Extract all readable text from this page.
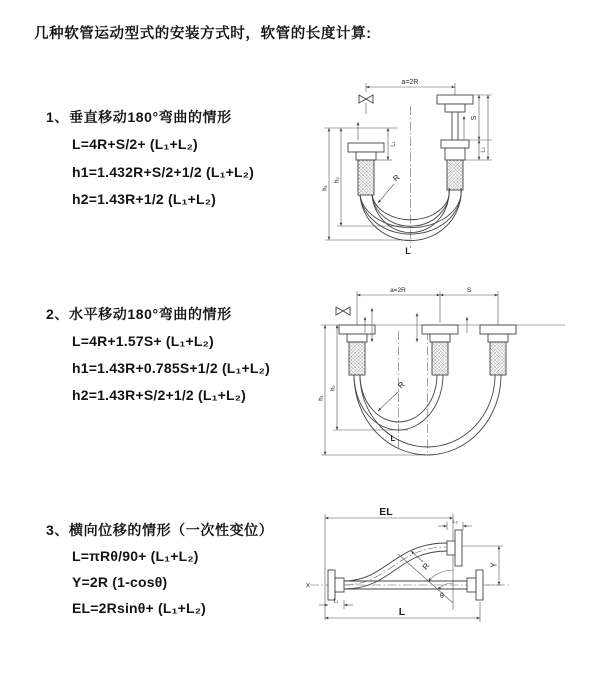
几种软管运动型式的安装方式时，软管的长度计算:
1、垂直移动180°弯曲的情形
L=4R+S/2+ (L₁+L₂)
h1=1.432R+S/2+1/2 (L₁+L₂)
h2=1.43R+1/2 (L₁+L₂)
2、水平移动180°弯曲的情形
L=4R+1.57S+ (L₁+L₂)
h1=1.43R+0.785S+1/2 (L₁+L₂)
h2=1.43R+S/2+1/2 (L₁+L₂)
3、横向位移的情形（一次性变位）
L=πRθ/90+ (L₁+L₂)
Y=2R (1-cosθ)
EL=2Rsinθ+ (L₁+L₂)
a=2R
L₁
S
L₂
h₁
h₂	R
L
a=2R	S
h₁
h₂	R
L
EL
L₂
Y
X
R
θ
L
L₁
